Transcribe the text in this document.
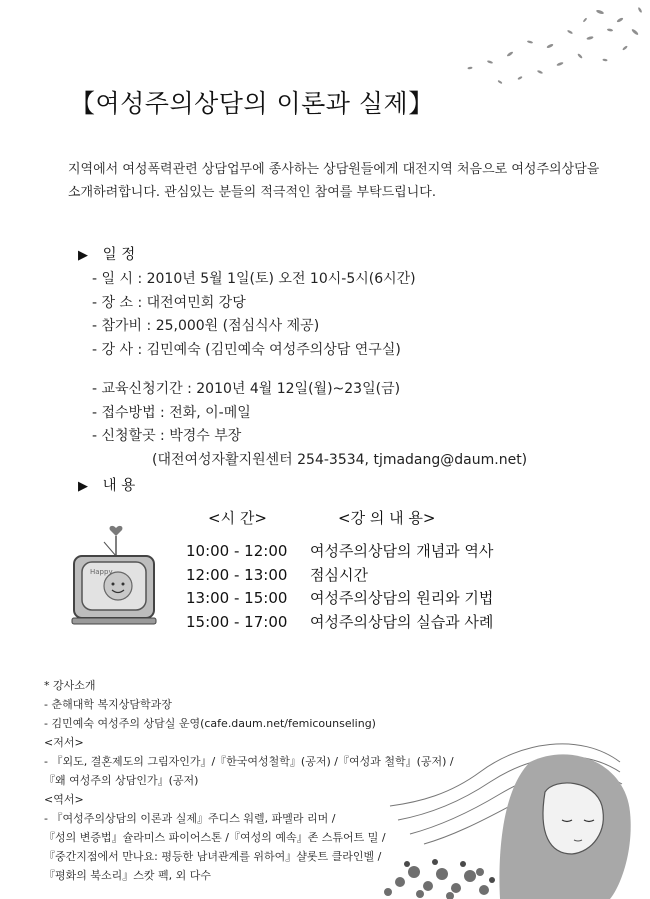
【여성주의상담의 이론과 실제】
지역에서 여성폭력관련 상담업무에 종사하는 상담원들에게 대전지역 처음으로 여성주의상담을
소개하려합니다. 관심있는 분들의 적극적인 참여를 부탁드립니다.
▶ 일 정
- 일 시 : 2010년 5월 1일(토) 오전 10시-5시(6시간)
- 장 소 : 대전여민회 강당
- 참가비 : 25,000원 (점심식사 제공)
- 강 사 : 김민예숙 (김민예숙 여성주의상담 연구실)
- 교육신청기간 : 2010년 4월 12일(월)~23일(금)
- 접수방법 : 전화, 이-메일
- 신청할곳 : 박경수 부장
(대전여성자활지원센터 254-3534, tjmadang@daum.net)
▶ 내 용
<시 간>	<강 의 내 용>
10:00 - 12:00 여성주의상담의 개념과 역사
12:00 - 13:00 점심시간
13:00 - 15:00 여성주의상담의 원리와 기법
15:00 - 17:00 여성주의상담의 실습과 사례
Happy
* 강사소개
- 춘해대학 복지상담학과장
- 김민예숙 여성주의 상담실 운영(cafe.daum.net/femicounseling)
<저서>
- 『외도, 결혼제도의 그림자인가』/『한국여성철학』(공저) /『여성과 철학』(공저) /
『왜 여성주의 상담인가』(공저)
<역서>
- 『여성주의상담의 이론과 실제』주디스 워렐, 파멜라 리머 /
『성의 변증법』슐라미스 파이어스톤 /『여성의 예속』존 스튜어트 밀 /
『중간지점에서 만나요: 평등한 남녀관계를 위하여』샬롯트 클라인벨 /
『평화의 북소리』스캇 펙, 외 다수
